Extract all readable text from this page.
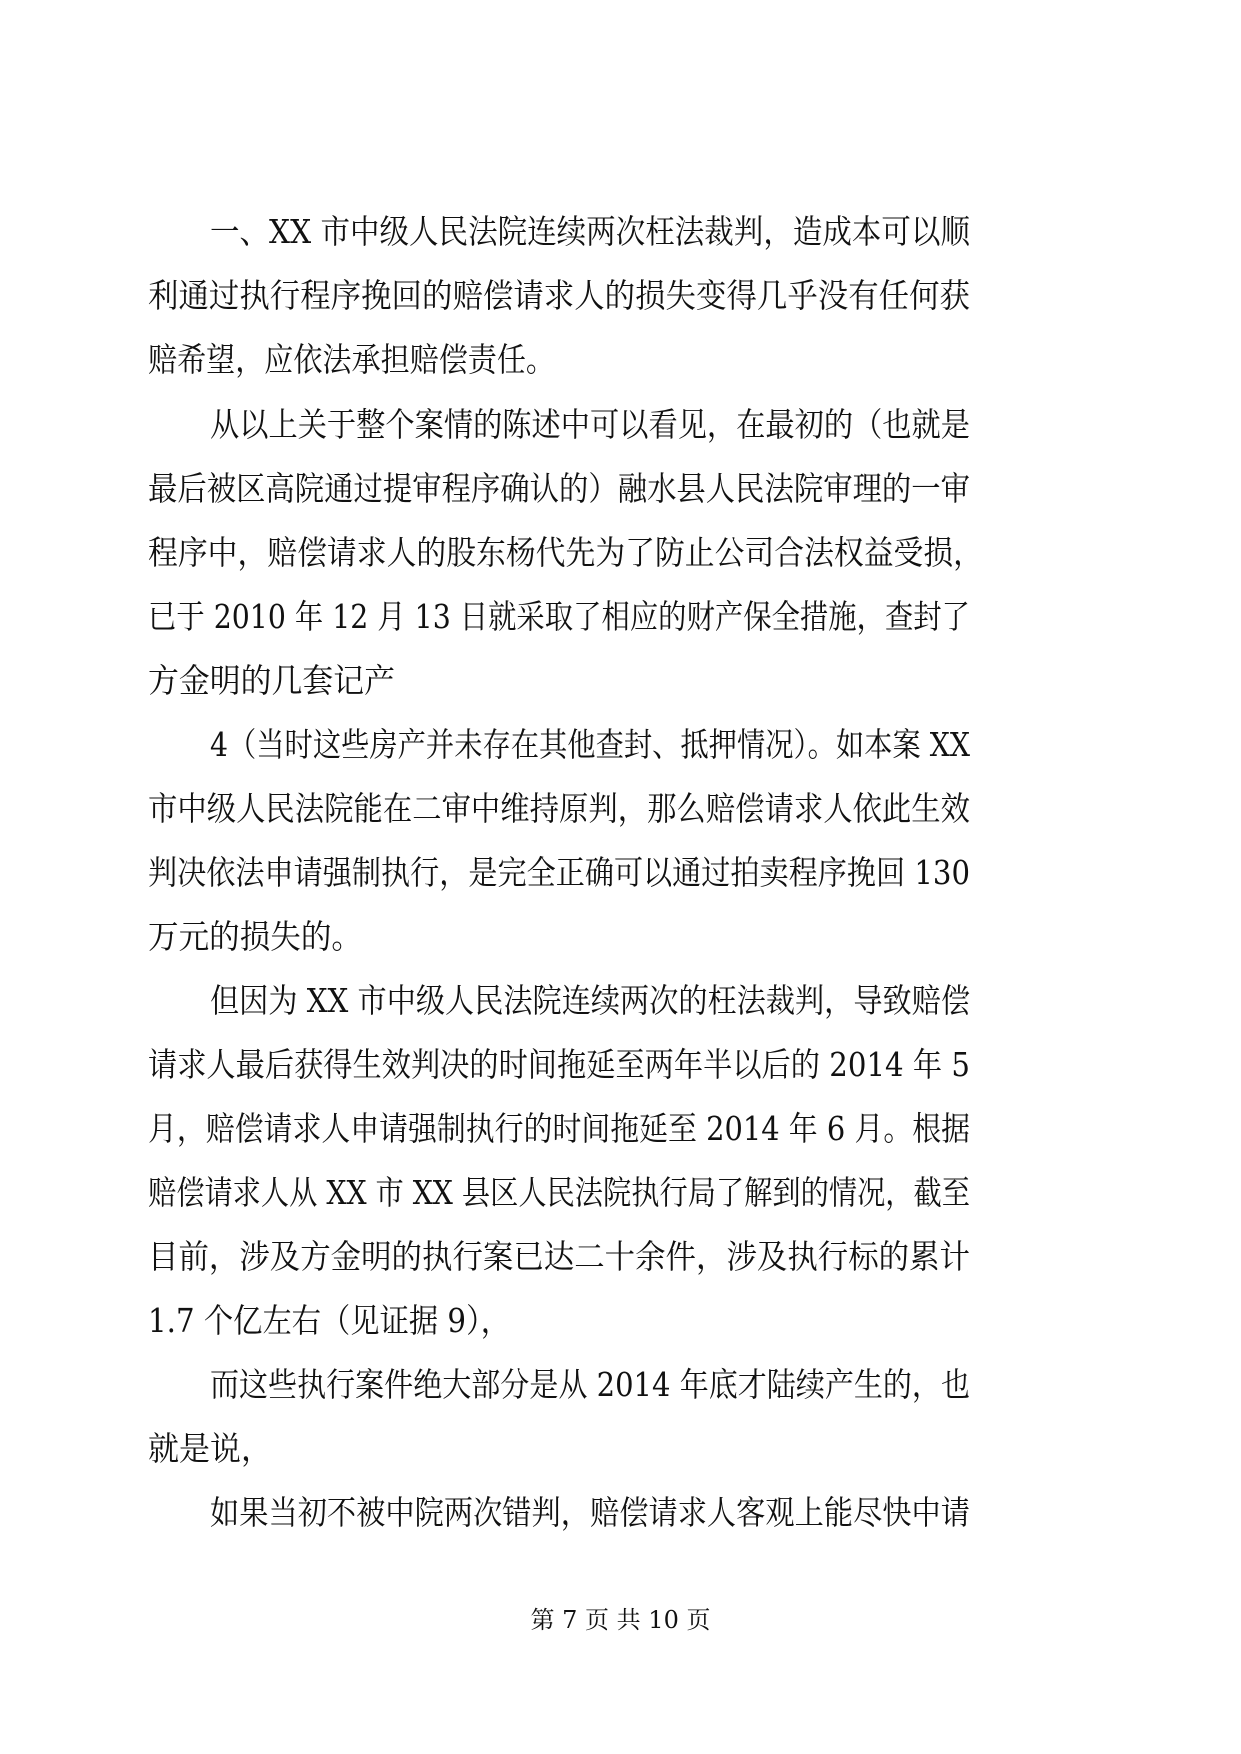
一、XX 市中级人民法院连续两次枉法裁判，造成本可以顺

利通过执行程序挽回的赔偿请求人的损失变得几乎没有任何获

赔希望，应依法承担赔偿责任。

从以上关于整个案情的陈述中可以看见，在最初的（也就是

最后被区高院通过提审程序确认的）融水县人民法院审理的一审

程序中，赔偿请求人的股东杨代先为了防止公司合法权益受损，

已于 2010 年 12 月 13 日就采取了相应的财产保全措施，查封了

方金明的几套记产

4（当时这些房产并未存在其他查封、抵押情况）。如本案 XX

市中级人民法院能在二审中维持原判，那么赔偿请求人依此生效

判决依法申请强制执行，是完全正确可以通过拍卖程序挽回 130

万元的损失的。

但因为 XX 市中级人民法院连续两次的枉法裁判，导致赔偿

请求人最后获得生效判决的时间拖延至两年半以后的 2014 年 5

月，赔偿请求人申请强制执行的时间拖延至 2014 年 6 月。根据

赔偿请求人从 XX 市 XX 县区人民法院执行局了解到的情况，截至

目前，涉及方金明的执行案已达二十余件，涉及执行标的累计

1.7 个亿左右（见证据 9），

而这些执行案件绝大部分是从 2014 年底才陆续产生的，也

就是说，

如果当初不被中院两次错判，赔偿请求人客观上能尽快中请

第 7 页 共 10 页
